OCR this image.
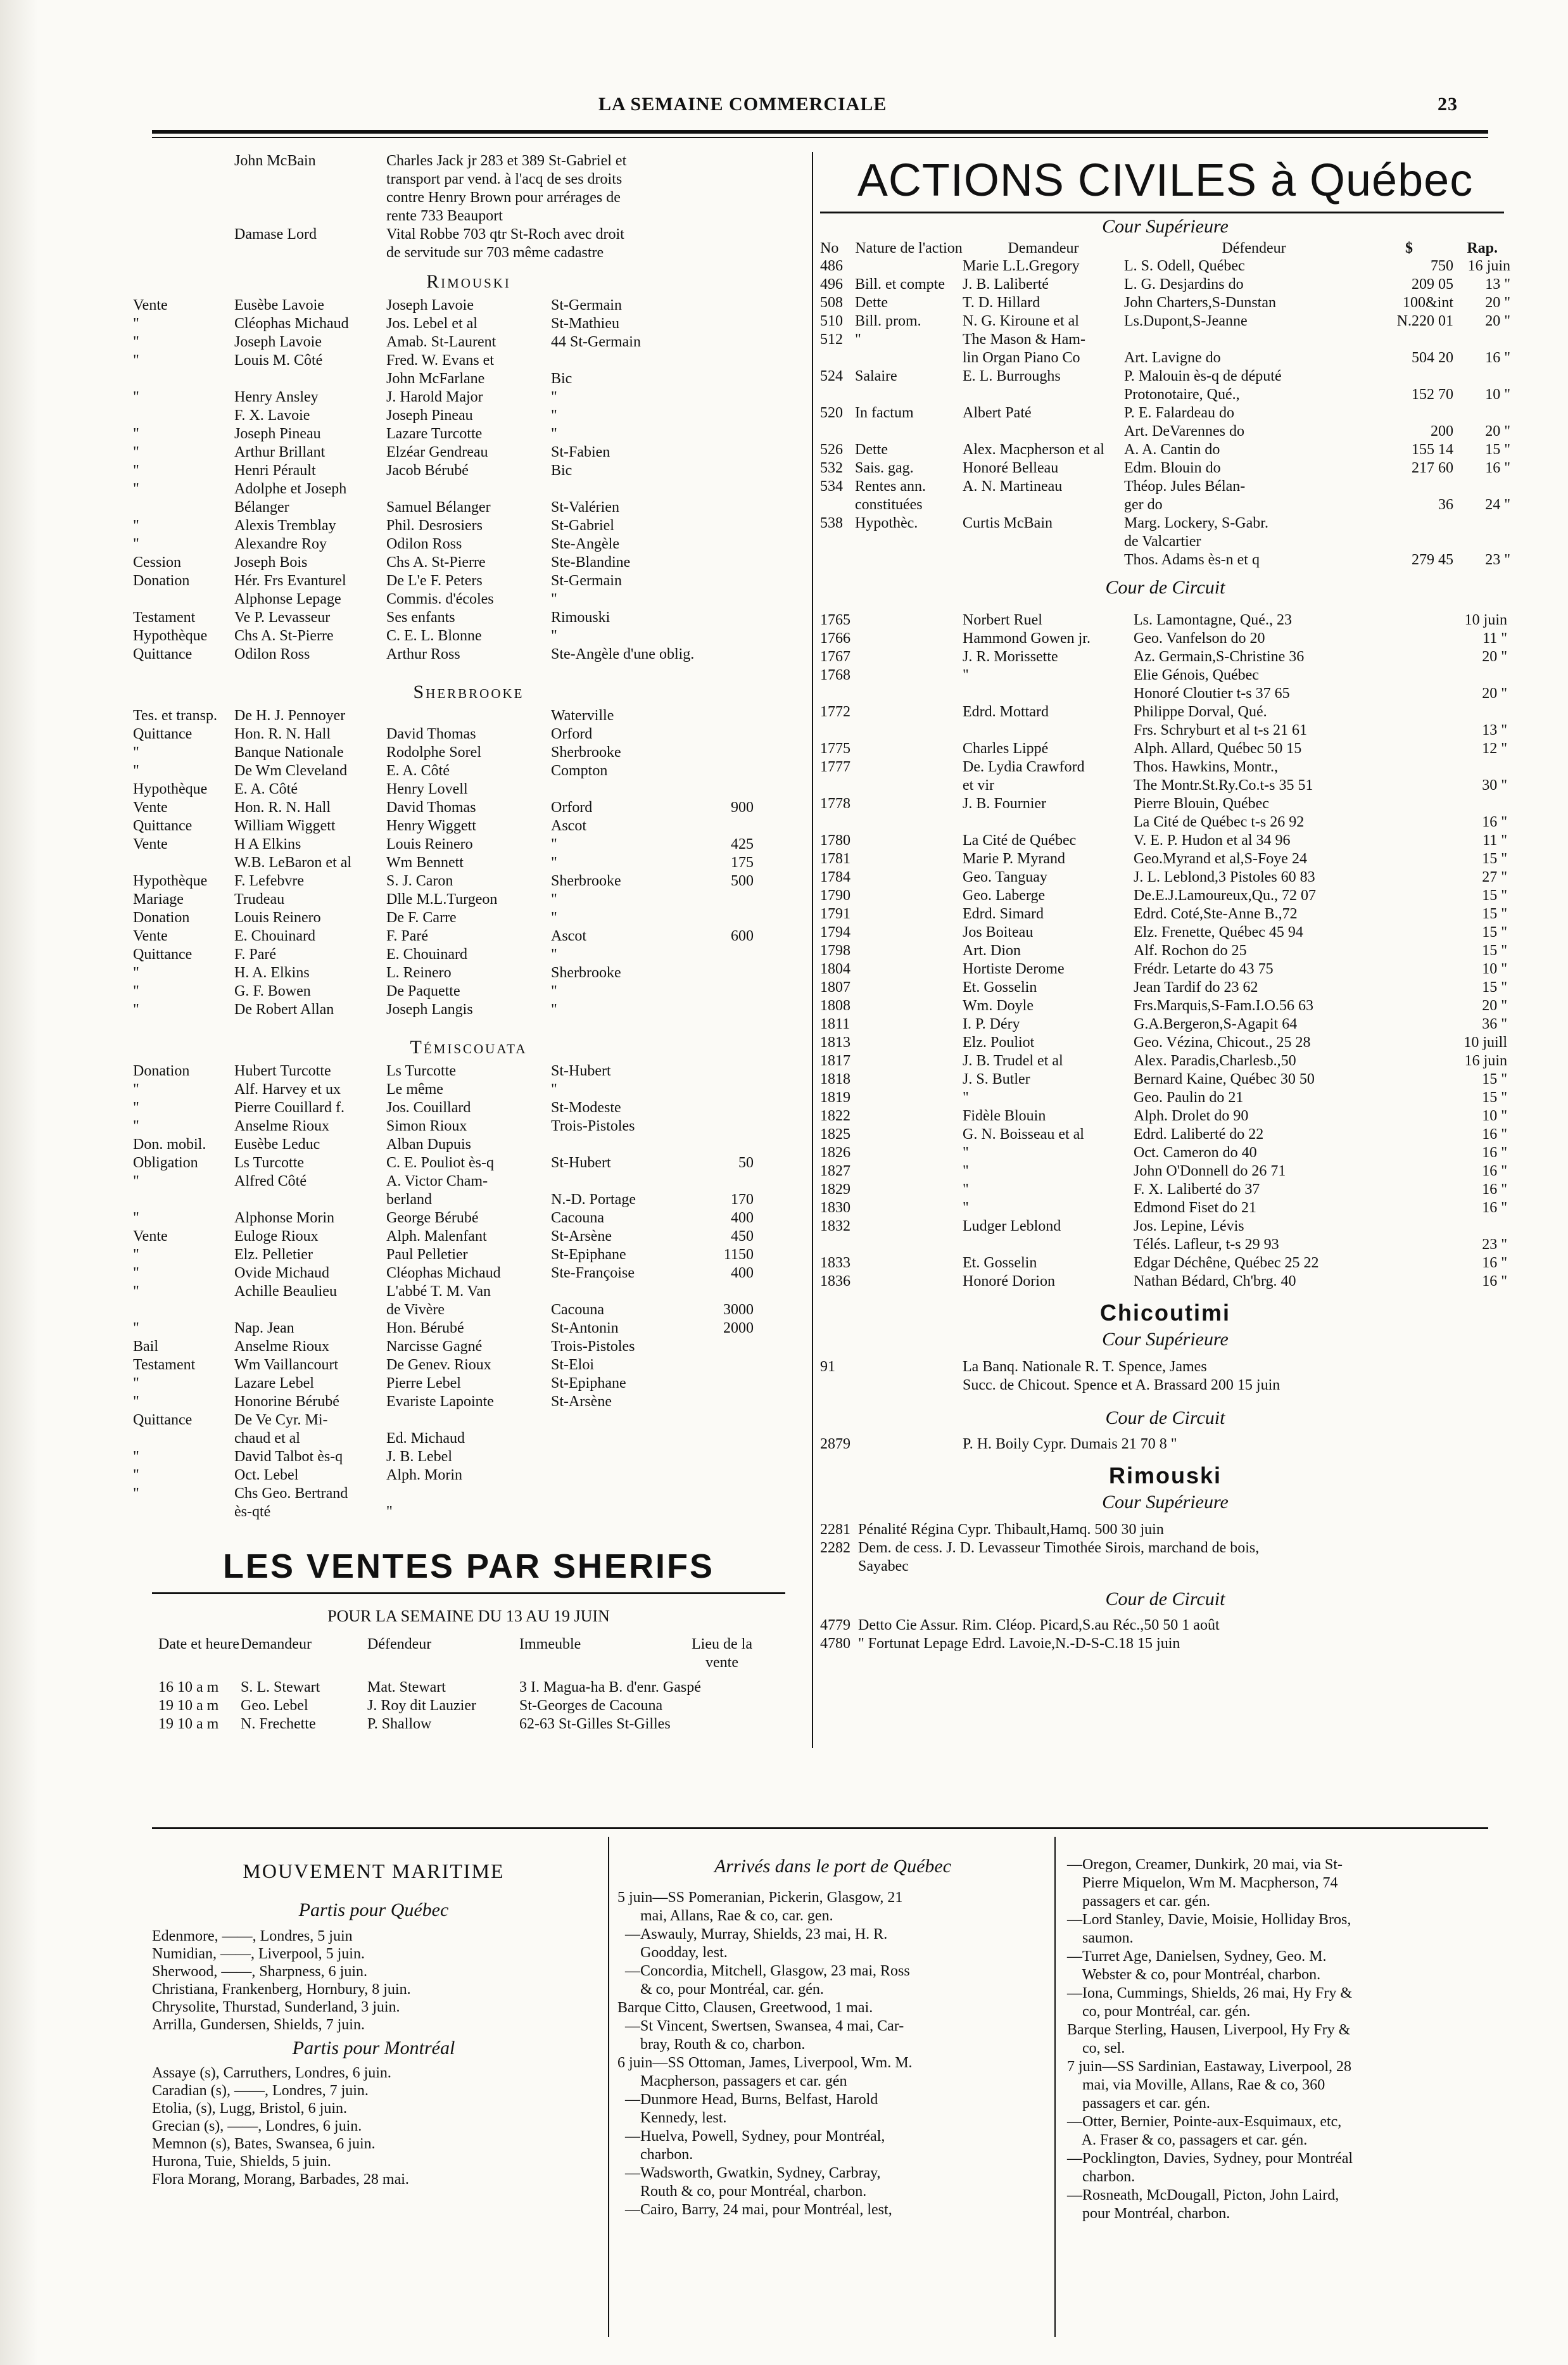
LA SEMAINE COMMERCIALE	23
John McBain	Charles Jack jr 283 et 389 St-Gabriel et
transport par vend. à l'acq de ses droits
contre Henry Brown pour arrérages de
rente 733 Beauport
Damase Lord	Vital Robbe 703 qtr St-Roch avec droit
de servitude sur 703 même cadastre
Rimouski
Vente	Eusèbe Lavoie	Joseph Lavoie	St-Germain
"	Cléophas Michaud	Jos. Lebel et al	St-Mathieu
"	Joseph Lavoie	Amab. St-Laurent	44 St-Germain
"	Louis M. Côté	Fred. W. Evans et
John McFarlane	Bic
"	Henry Ansley	J. Harold Major	"
F. X. Lavoie	Joseph Pineau	"
"	Joseph Pineau	Lazare Turcotte	"
"	Arthur Brillant	Elzéar Gendreau	St-Fabien
"	Henri Pérault	Jacob Bérubé	Bic
"	Adolphe et Joseph
Bélanger	Samuel Bélanger	St-Valérien
"	Alexis Tremblay	Phil. Desrosiers	St-Gabriel
"	Alexandre Roy	Odilon Ross	Ste-Angèle
Cession	Joseph Bois	Chs A. St-Pierre	Ste-Blandine
Donation	Hér. Frs Evanturel	De L'e F. Peters	St-Germain
Alphonse Lepage	Commis. d'écoles	"
Testament	Ve P. Levasseur	Ses enfants	Rimouski
Hypothèque	Chs A. St-Pierre	C. E. L. Blonne	"
Quittance	Odilon Ross	Arthur Ross	Ste-Angèle d'une oblig.
Sherbrooke
Tes. et transp.	De H. J. Pennoyer	Waterville
Quittance	Hon. R. N. Hall	David Thomas	Orford
"	Banque Nationale	Rodolphe Sorel	Sherbrooke
"	De Wm Cleveland	E. A. Côté	Compton
Hypothèque	E. A. Côté	Henry Lovell
Vente	Hon. R. N. Hall	David Thomas	Orford	900
Quittance	William Wiggett	Henry Wiggett	Ascot
Vente	H A Elkins	Louis Reinero	"	425
W.B. LeBaron et al	Wm Bennett	"	175
Hypothèque	F. Lefebvre	S. J. Caron	Sherbrooke	500
Mariage	Trudeau	Dlle M.L.Turgeon	"
Donation	Louis Reinero	De F. Carre	"
Vente	E. Chouinard	F. Paré	Ascot	600
Quittance	F. Paré	E. Chouinard	"
"	H. A. Elkins	L. Reinero	Sherbrooke
"	G. F. Bowen	De Paquette	"
"	De Robert Allan	Joseph Langis	"
Témiscouata
Donation	Hubert Turcotte	Ls Turcotte	St-Hubert
"	Alf. Harvey et ux	Le même	"
"	Pierre Couillard f.	Jos. Couillard	St-Modeste
"	Anselme Rioux	Simon Rioux	Trois-Pistoles
Don. mobil.	Eusèbe Leduc	Alban Dupuis
Obligation	Ls Turcotte	C. E. Pouliot ès-q	St-Hubert	50
"	Alfred Côté	A. Victor Cham-
berland	N.-D. Portage	170
"	Alphonse Morin	George Bérubé	Cacouna	400
Vente	Euloge Rioux	Alph. Malenfant	St-Arsène	450
"	Elz. Pelletier	Paul Pelletier	St-Epiphane	1150
"	Ovide Michaud	Cléophas Michaud	Ste-Françoise	400
"	Achille Beaulieu	L'abbé T. M. Van
de Vivère	Cacouna	3000
"	Nap. Jean	Hon. Bérubé	St-Antonin	2000
Bail	Anselme Rioux	Narcisse Gagné	Trois-Pistoles
Testament	Wm Vaillancourt	De Genev. Rioux	St-Eloi
"	Lazare Lebel	Pierre Lebel	St-Epiphane
"	Honorine Bérubé	Evariste Lapointe	St-Arsène
Quittance	De Ve Cyr. Mi-
chaud et al	Ed. Michaud
"	David Talbot ès-q	J. B. Lebel
"	Oct. Lebel	Alph. Morin
"	Chs Geo. Bertrand
ès-qté	"
LES VENTES PAR SHERIFS
POUR LA SEMAINE DU 13 AU 19 JUIN
Date et heure Demandeur	Défendeur	Immeuble	Lieu de la vente
16 10 a m	S. L. Stewart	Mat. Stewart	3 I. Magua-ha B. d'enr. Gaspé
19 10 a m	Geo. Lebel	J. Roy dit Lauzier	St-Georges de Cacouna
19 10 a m	N. Frechette	P. Shallow	62-63 St-Gilles St-Gilles
ACTIONS CIVILES à Québec
Cour Supérieure
No	Nature de l'action	Demandeur	Défendeur	$	Rap.
486	Marie L.L.Gregory	L. S. Odell, Québec	750 16 juin
496 Bill. et compte	J. B. Laliberté	L. G. Desjardins do	209 05	13 "
508 Dette	T. D. Hillard	John Charters,S-Dunstan	100&int	20 "
510 Bill. prom.	N. G. Kiroune et al	Ls.Dupont,S-Jeanne	N.220 01	20 "
512 "	The Mason & Ham-
lin Organ Piano Co	Art. Lavigne do	504 20	16 "
524 Salaire	E. L. Burroughs	P. Malouin ès-q de député
Protonotaire, Qué.,	152 70	10 "
520 In factum	Albert Paté	P. E. Falardeau do
Art. DeVarennes do	200	20 "
526 Dette	Alex. Macpherson et al	A. A. Cantin do	155 14	15 "
532 Sais. gag.	Honoré Belleau	Edm. Blouin do	217 60	16 "
534 Rentes ann.	A. N. Martineau	Théop. Jules Bélan-
constituées	ger do	36	24 "
538 Hypothèc.	Curtis McBain	Marg. Lockery, S-Gabr.
de Valcartier
Thos. Adams ès-n et q	279 45	23 "
Cour de Circuit
1765	Norbert Ruel	Ls. Lamontagne, Qué., 23	10 juin
1766	Hammond Gowen jr.	Geo. Vanfelson do 20	11 "
1767	J. R. Morissette	Az. Germain,S-Christine 36	20 "
1768	"	Elie Génois, Québec
Honoré Cloutier t-s 37 65	20 "
1772	Edrd. Mottard	Philippe Dorval, Qué.
Frs. Schryburt et al t-s 21 61	13 "
1775	Charles Lippé	Alph. Allard, Québec 50 15	12 "
1777	De. Lydia Crawford	Thos. Hawkins, Montr.,
et vir	The Montr.St.Ry.Co.t-s 35 51	30 "
1778	J. B. Fournier	Pierre Blouin, Québec
La Cité de Québec t-s 26 92	16 "
1780	La Cité de Québec	V. E. P. Hudon et al 34 96	11 "
1781	Marie P. Myrand	Geo.Myrand et al,S-Foye 24	15 "
1784	Geo. Tanguay	J. L. Leblond,3 Pistoles 60 83	27 "
1790	Geo. Laberge	De.E.J.Lamoureux,Qu., 72 07	15 "
1791	Edrd. Simard	Edrd. Coté,Ste-Anne B.,72	15 "
1794	Jos Boiteau	Elz. Frenette, Québec 45 94	15 "
1798	Art. Dion	Alf. Rochon do 25	15 "
1804	Hortiste Derome	Frédr. Letarte do 43 75	10 "
1807	Et. Gosselin	Jean Tardif do 23 62	15 "
1808	Wm. Doyle	Frs.Marquis,S-Fam.I.O.56 63	20 "
1811	I. P. Déry	G.A.Bergeron,S-Agapit 64	36 "
1813	Elz. Pouliot	Geo. Vézina, Chicout., 25 28	10 juill
1817	J. B. Trudel et al	Alex. Paradis,Charlesb.,50	16 juin
1818	J. S. Butler	Bernard Kaine, Québec 30 50	15 "
1819	"	Geo. Paulin do 21	15 "
1822	Fidèle Blouin	Alph. Drolet do 90	10 "
1825	G. N. Boisseau et al	Edrd. Laliberté do 22	16 "
1826	"	Oct. Cameron do 40	16 "
1827	"	John O'Donnell do 26 71	16 "
1829	"	F. X. Laliberté do 37	16 "
1830	"	Edmond Fiset do 21	16 "
1832	Ludger Leblond	Jos. Lepine, Lévis
Télés. Lafleur, t-s 29 93	23 "
1833	Et. Gosselin	Edgar Déchêne, Québec 25 22	16 "
1836	Honoré Dorion	Nathan Bédard, Ch'brg. 40	16 "
Chicoutimi
Cour Supérieure
91	La Banq. Nationale R. T. Spence, James
Succ. de Chicout. Spence et A. Brassard 200 15 juin
Cour de Circuit
2879	P. H. Boily Cypr. Dumais 21 70 8 "
Rimouski
Cour Supérieure
2281 Pénalité Régina Cypr. Thibault,Hamq. 500 30 juin
2282 Dem. de cess. J. D. Levasseur Timothée Sirois, marchand de bois,
Sayabec
Cour de Circuit
4779 Detto Cie Assur. Rim. Cléop. Picard,S.au Réc.,50 50 1 août
4780 " Fortunat Lepage Edrd. Lavoie,N.-D-S-C.18 15 juin
MOUVEMENT MARITIME
Partis pour Québec
Edenmore, ——, Londres, 5 juin
Numidian, ——, Liverpool, 5 juin.
Sherwood, ——, Sharpness, 6 juin.
Christiana, Frankenberg, Hornbury, 8 juin.
Chrysolite, Thurstad, Sunderland, 3 juin.
Arrilla, Gundersen, Shields, 7 juin.
Partis pour Montréal
Assaye (s), Carruthers, Londres, 6 juin.
Caradian (s), ——, Londres, 7 juin.
Etolia, (s), Lugg, Bristol, 6 juin.
Grecian (s), ——, Londres, 6 juin.
Memnon (s), Bates, Swansea, 6 juin.
Hurona, Tuie, Shields, 5 juin.
Flora Morang, Morang, Barbades, 28 mai.
Arrivés dans le port de Québec
5 juin—SS Pomeranian, Pickerin, Glasgow, 21
mai, Allans, Rae & co, car. gen.
—Aswauly, Murray, Shields, 23 mai, H. R.
Goodday, lest.
—Concordia, Mitchell, Glasgow, 23 mai, Ross
& co, pour Montréal, car. gén.
Barque Citto, Clausen, Greetwood, 1 mai.
—St Vincent, Swertsen, Swansea, 4 mai, Car-
bray, Routh & co, charbon.
6 juin—SS Ottoman, James, Liverpool, Wm. M.
Macpherson, passagers et car. gén
—Dunmore Head, Burns, Belfast, Harold
Kennedy, lest.
—Huelva, Powell, Sydney, pour Montréal,
charbon.
—Wadsworth, Gwatkin, Sydney, Carbray,
Routh & co, pour Montréal, charbon.
—Cairo, Barry, 24 mai, pour Montréal, lest,
—Oregon, Creamer, Dunkirk, 20 mai, via St-
Pierre Miquelon, Wm M. Macpherson, 74
passagers et car. gén.
—Lord Stanley, Davie, Moisie, Holliday Bros,
saumon.
—Turret Age, Danielsen, Sydney, Geo. M.
Webster & co, pour Montréal, charbon.
—Iona, Cummings, Shields, 26 mai, Hy Fry &
co, pour Montréal, car. gén.
Barque Sterling, Hausen, Liverpool, Hy Fry &
co, sel.
7 juin—SS Sardinian, Eastaway, Liverpool, 28
mai, via Moville, Allans, Rae & co, 360
passagers et car. gén.
—Otter, Bernier, Pointe-aux-Esquimaux, etc,
A. Fraser & co, passagers et car. gén.
—Pocklington, Davies, Sydney, pour Montréal
charbon.
—Rosneath, McDougall, Picton, John Laird,
pour Montréal, charbon.
